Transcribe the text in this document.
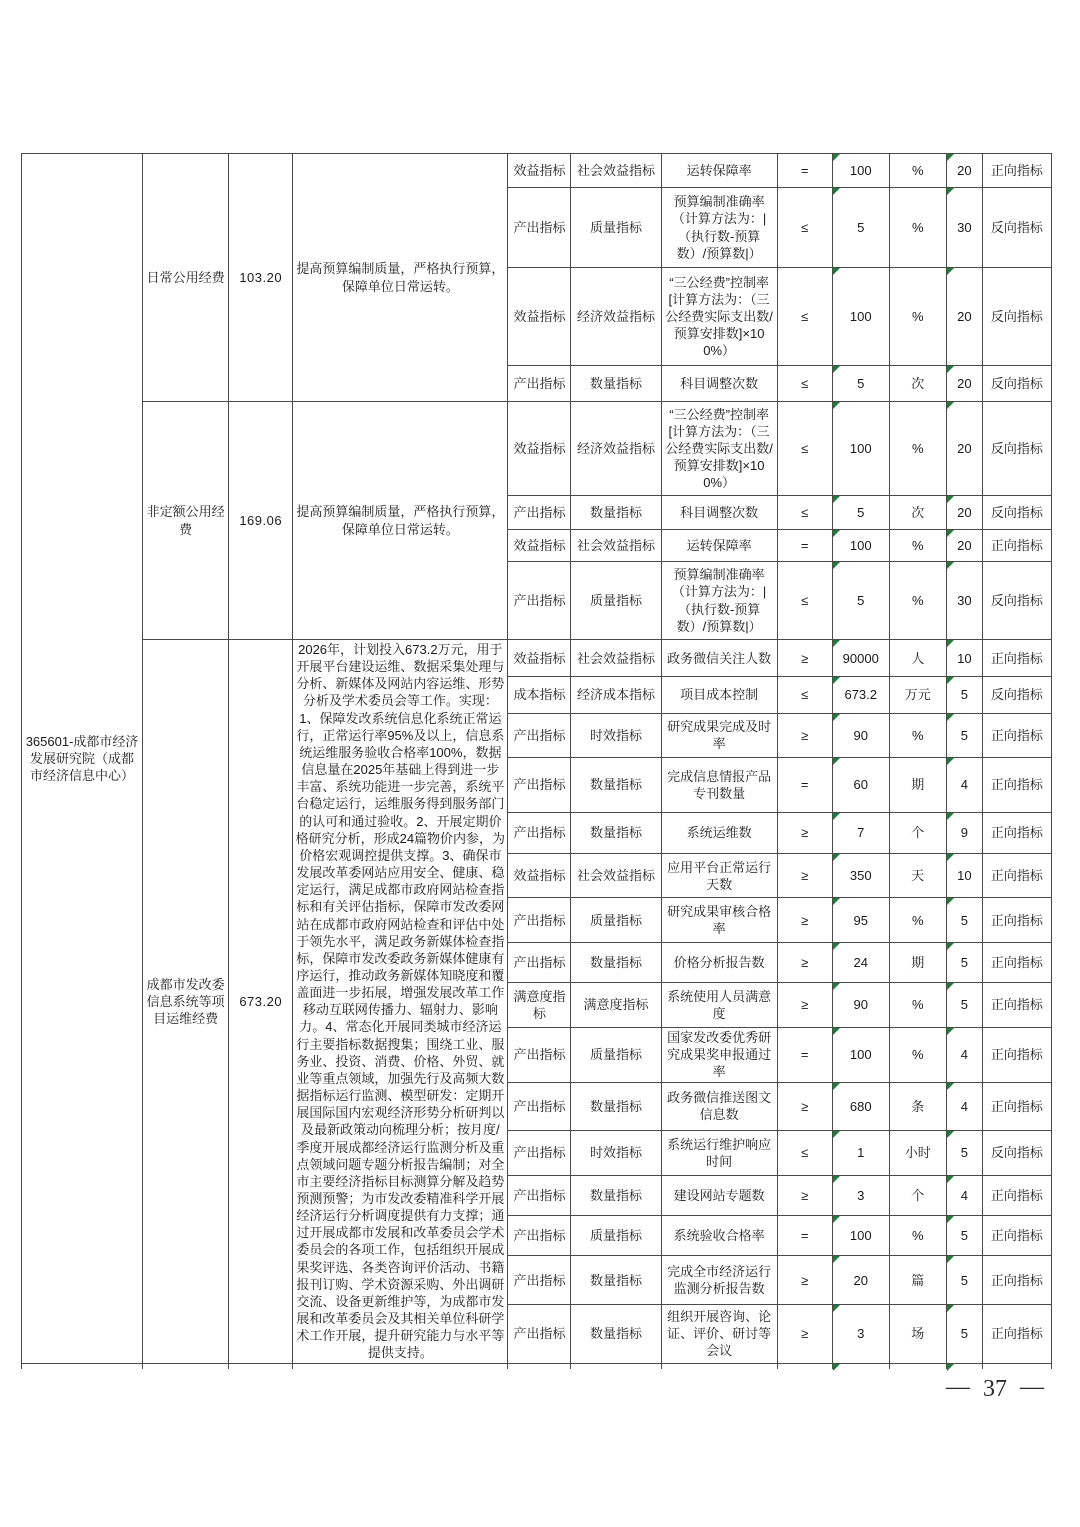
365601-成都市经济发展研究院（成都市经济信息中心）	日常公用经费	103.20	提高预算编制质量，严格执行预算，保障单位日常运转。	效益指标	社会效益指标	运转保障率	=	100	%	20	正向指标
				产出指标	质量指标	预算编制准确率（计算方法为：|（执行数-预算数）/预算数|）	≤	5	%	30	反向指标
				效益指标	经济效益指标	“三公经费”控制率[计算方法为：（三公经费实际支出数/预算安排数]×100%）	≤	100	%	20	反向指标
				产出指标	数量指标	科目调整次数	≤	5	次	20	反向指标
	非定额公用经费	169.06	提高预算编制质量，严格执行预算，保障单位日常运转。	效益指标	经济效益指标	“三公经费”控制率[计算方法为：（三公经费实际支出数/预算安排数]×100%）	≤	100	%	20	反向指标
				产出指标	数量指标	科目调整次数	≤	5	次	20	反向指标
				效益指标	社会效益指标	运转保障率	=	100	%	20	正向指标
				产出指标	质量指标	预算编制准确率（计算方法为：|（执行数-预算数）/预算数|）	≤	5	%	30	反向指标
	成都市发改委信息系统等项目运维经费	673.20	2026年，计划投入673.2万元，用于开展平台建设运维、数据采集处理与分析、新媒体及网站内容运维、形势分析及学术委员会等工作。实现：1、保障发改系统信息化系统正常运行，正常运行率95%及以上，信息系统运维服务验收合格率100%，数据信息量在2025年基础上得到进一步丰富、系统功能进一步完善，系统平台稳定运行，运维服务得到服务部门的认可和通过验收。2、开展定期价格研究分析，形成24篇物价内参，为价格宏观调控提供支撑。3、确保市发展改革委网站应用安全、健康、稳定运行，满足成都市政府网站检查指标和有关评估指标，保障市发改委网站在成都市政府网站检查和评估中处于领先水平，满足政务新媒体检查指标，保障市发改委政务新媒体健康有序运行，推动政务新媒体知晓度和覆盖面进一步拓展，增强发展改革工作移动互联网传播力、辐射力、影响力。4、常态化开展同类城市经济运行主要指标数据搜集；围绕工业、服务业、投资、消费、价格、外贸、就业等重点领域，加强先行及高频大数据指标运行监测、模型研发：定期开展国际国内宏观经济形势分析研判以及最新政策动向梳理分析；按月度/季度开展成都经济运行监测分析及重点领域问题专题分析报告编制；对全市主要经济指标目标测算分解及趋势预测预警；为市发改委精准科学开展经济运行分析调度提供有力支撑；通过开展成都市发展和改革委员会学术委员会的各项工作，包括组织开展成果奖评选、各类咨询评价活动、书籍报刊订购、学术资源采购、外出调研交流、设备更新维护等，为成都市发展和改革委员会及其相关单位科研学术工作开展，提升研究能力与水平等提供支持。	效益指标	社会效益指标	政务微信关注人数	≥	90000	人	10	正向指标
				成本指标	经济成本指标	项目成本控制	≤	673.2	万元	5	反向指标
				产出指标	时效指标	研究成果完成及时率	≥	90	%	5	正向指标
				产出指标	数量指标	完成信息情报产品专刊数量	=	60	期	4	正向指标
				产出指标	数量指标	系统运维数	≥	7	个	9	正向指标
				效益指标	社会效益指标	应用平台正常运行天数	≥	350	天	10	正向指标
				产出指标	质量指标	研究成果审核合格率	≥	95	%	5	正向指标
				产出指标	数量指标	价格分析报告数	≥	24	期	5	正向指标
				满意度指标	满意度指标	系统使用人员满意度	≥	90	%	5	正向指标
				产出指标	质量指标	国家发改委优秀研究成果奖申报通过率	=	100	%	4	正向指标
				产出指标	数量指标	政务微信推送图文信息数	≥	680	条	4	正向指标
				产出指标	时效指标	系统运行维护响应时间	≤	1	小时	5	反向指标
				产出指标	数量指标	建设网站专题数	≥	3	个	4	正向指标
				产出指标	质量指标	系统验收合格率	=	100	%	5	正向指标
				产出指标	数量指标	完成全市经济运行监测分析报告数	≥	20	篇	5	正向指标
				产出指标	数量指标	组织开展咨询、论证、评价、研讨等会议	≥	3	场	5	正向指标

— 37 —
